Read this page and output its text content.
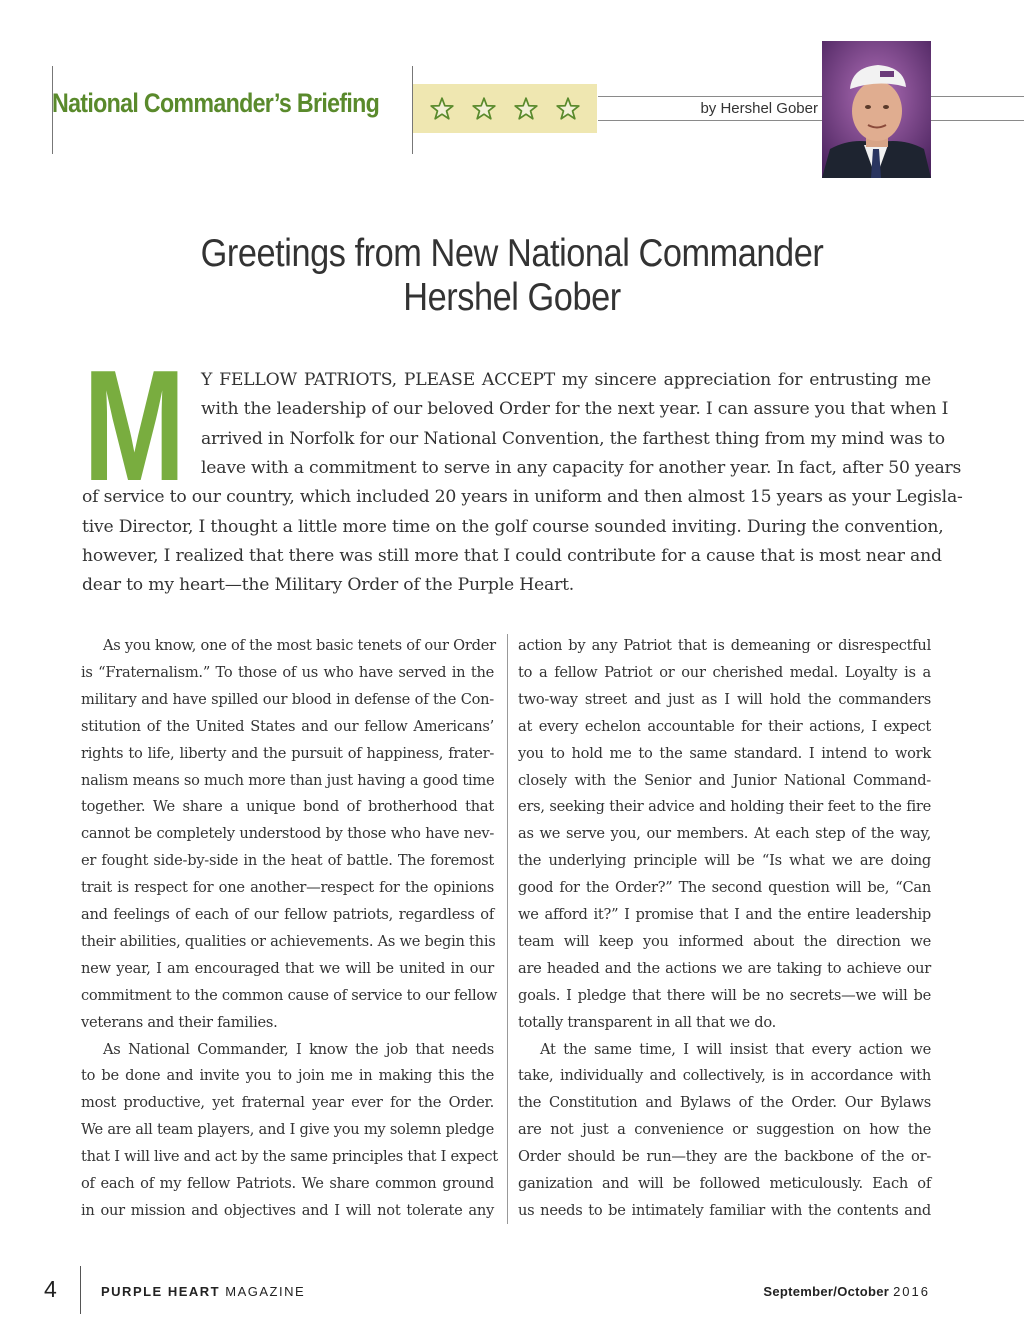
National Commander’s Briefing	by Hershel Gober
Greetings from New National Commander
Hershel Gober
M Y FELLOW PATRIOTS, PLEASE ACCEPT my sincere appreciation for entrusting me
with the leadership of our beloved Order for the next year. I can assure you that when I
arrived in Norfolk for our National Convention, the farthest thing from my mind was to
leave with a commitment to serve in any capacity for another year. In fact, after 50 years
of service to our country, which included 20 years in uniform and then almost 15 years as your Legisla-
tive Director, I thought a little more time on the golf course sounded inviting. During the convention,
however, I realized that there was still more that I could contribute for a cause that is most near and
dear to my heart—the Military Order of the Purple Heart.
As you know, one of the most basic tenets of our Order
is “Fraternalism.” To those of us who have served in the
military and have spilled our blood in defense of the Con-
stitution of the United States and our fellow Americans’
rights to life, liberty and the pursuit of happiness, frater-
nalism means so much more than just having a good time
together. We share a unique bond of brotherhood that
cannot be completely understood by those who have nev-
er fought side-by-side in the heat of battle. The foremost
trait is respect for one another—respect for the opinions
and feelings of each of our fellow patriots, regardless of
their abilities, qualities or achievements. As we begin this
new year, I am encouraged that we will be united in our
commitment to the common cause of service to our fellow
veterans and their families.
As National Commander, I know the job that needs
to be done and invite you to join me in making this the
most productive, yet fraternal year ever for the Order.
We are all team players, and I give you my solemn pledge
that I will live and act by the same principles that I expect
of each of my fellow Patriots. We share common ground
in our mission and objectives and I will not tolerate any
action by any Patriot that is demeaning or disrespectful
to a fellow Patriot or our cherished medal. Loyalty is a
two-way street and just as I will hold the commanders
at every echelon accountable for their actions, I expect
you to hold me to the same standard. I intend to work
closely with the Senior and Junior National Command-
ers, seeking their advice and holding their feet to the fire
as we serve you, our members. At each step of the way,
the underlying principle will be “Is what we are doing
good for the Order?” The second question will be, “Can
we afford it?” I promise that I and the entire leadership
team will keep you informed about the direction we
are headed and the actions we are taking to achieve our
goals. I pledge that there will be no secrets—we will be
totally transparent in all that we do.
At the same time, I will insist that every action we
take, individually and collectively, is in accordance with
the Constitution and Bylaws of the Order. Our Bylaws
are not just a convenience or suggestion on how the
Order should be run—they are the backbone of the or-
ganization and will be followed meticulously. Each of
us needs to be intimately familiar with the contents and
4	PURPLE HEART MAGAZINE	September/October 2016
